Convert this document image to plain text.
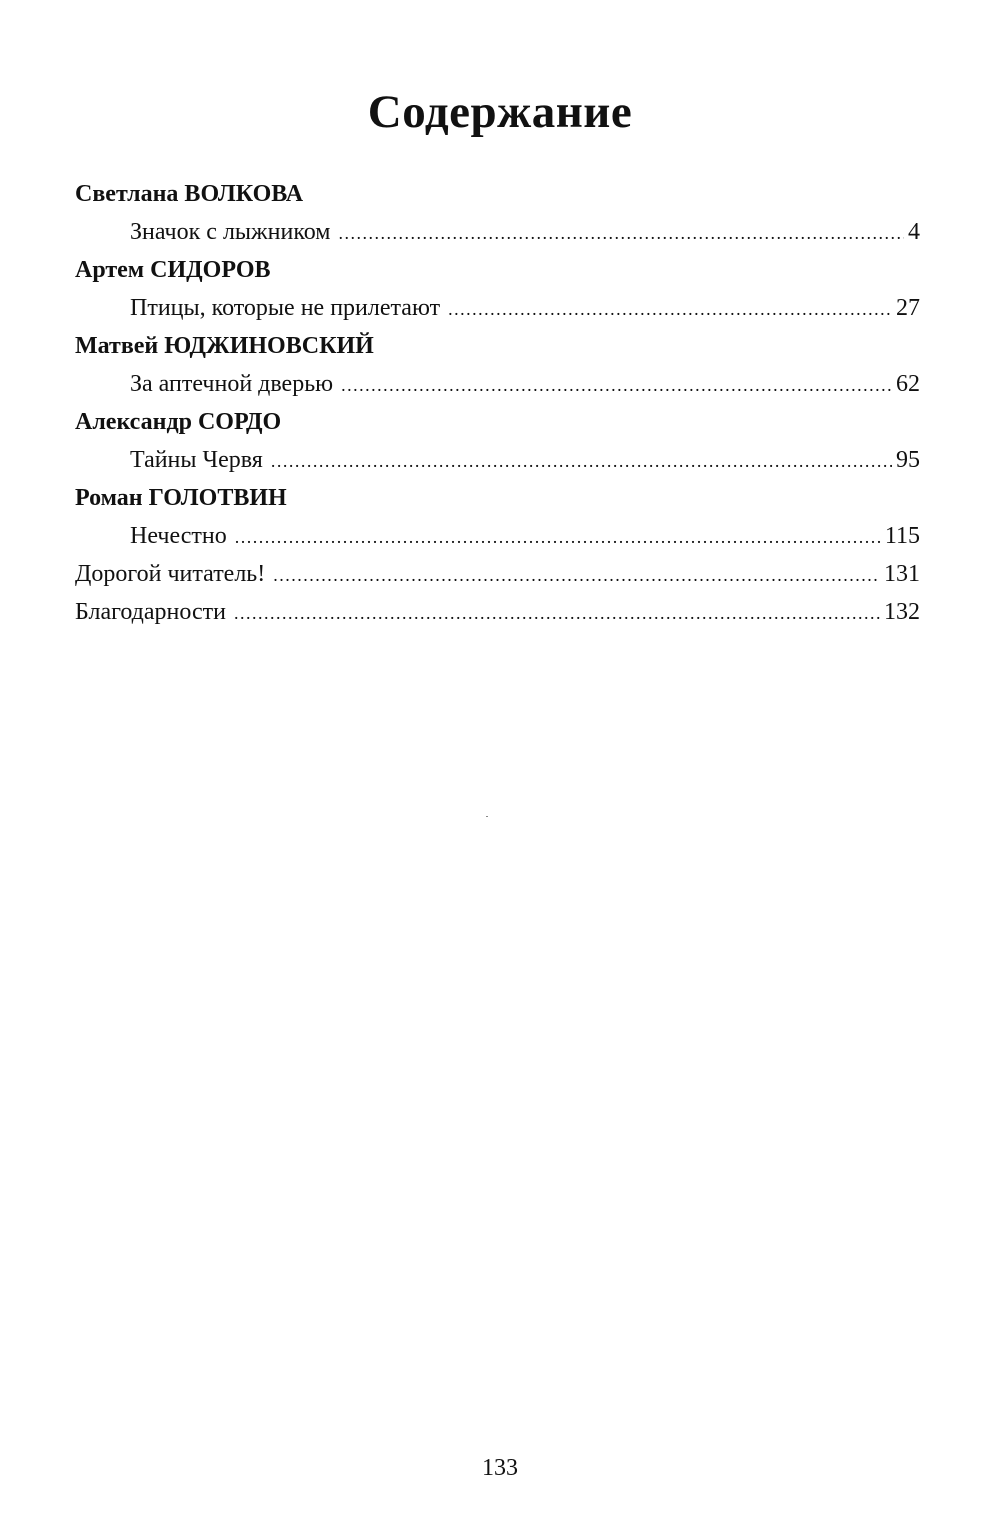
Содержание
Светлана ВОЛКОВА
Значок с лыжником .....	4
Артем СИДОРОВ
Птицы, которые не прилетают .....	27
Матвей ЮДЖИНОВСКИЙ
За аптечной дверью .....	62
Александр СОРДО
Тайны Червя .....	95
Роман ГОЛОТВИН
Нечестно .....	115
Дорогой читатель! .....	131
Благодарности .....	132
133
